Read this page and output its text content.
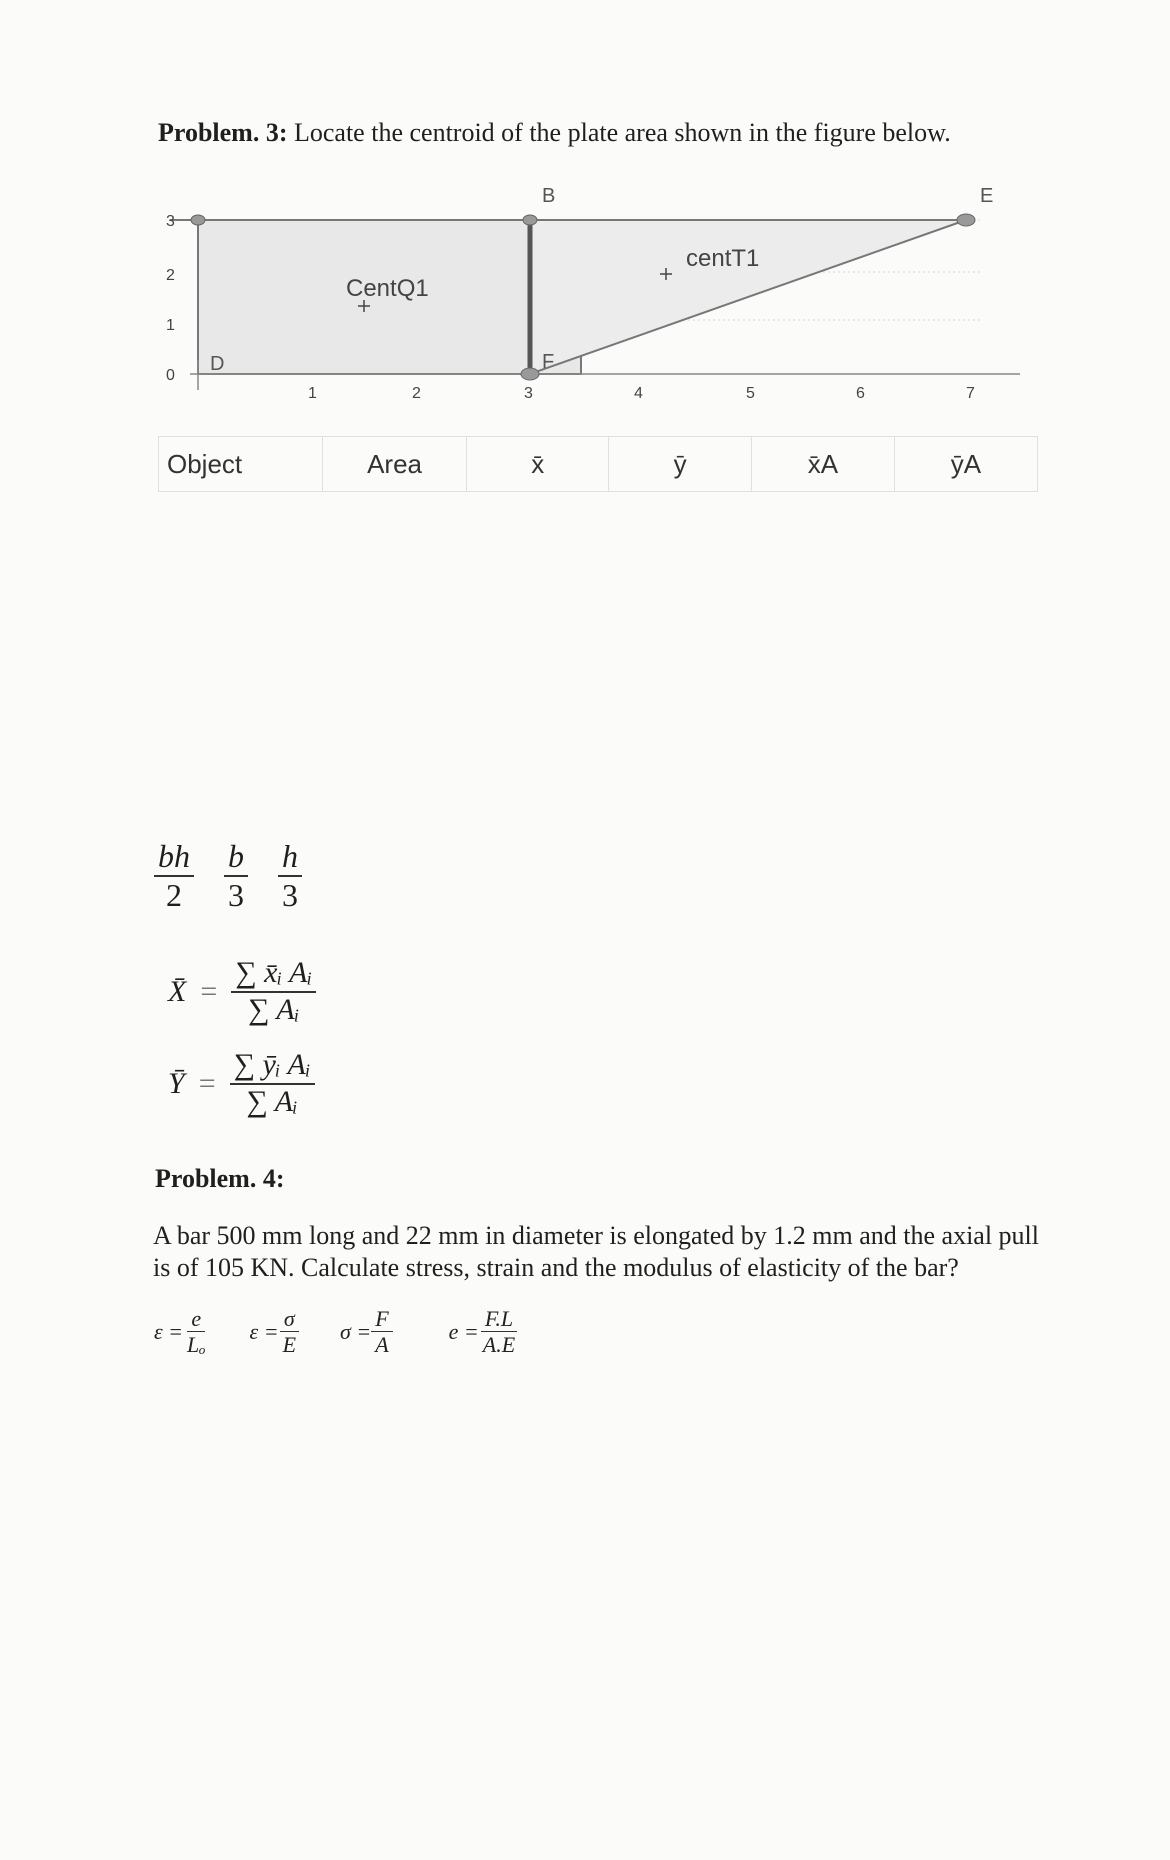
Problem. 3: Locate the centroid of the plate area shown in the figure below.
0
1
2
3
1	2	3	4	5	6	7
B	E
D	F
CentQ1
centT1
Object	Area	x̄	ȳ	x̄A	ȳA
$\frac{bh}{2}$
$\frac{b}{3}$
$\frac{h}{3}$
X̄ = $\frac{\text{∑ x̄ᵢ Aᵢ}}{\text{∑ Aᵢ}}$
Ȳ = $\frac{\text{∑ ȳᵢ Aᵢ}}{\text{∑ Aᵢ}}$
Problem. 4:
A bar 500 mm long and 22 mm in diameter is elongated by 1.2 mm and the axial pull
is of 105 KN. Calculate stress, strain and the modulus of elasticity of the bar?
$\varepsilon = \frac{e}{\text{Lₒ}}$ $\varepsilon = \frac{\sigma}{E}$ $\sigma = \frac{F}{A}$	$e = \frac{F.L}{A.E}$
